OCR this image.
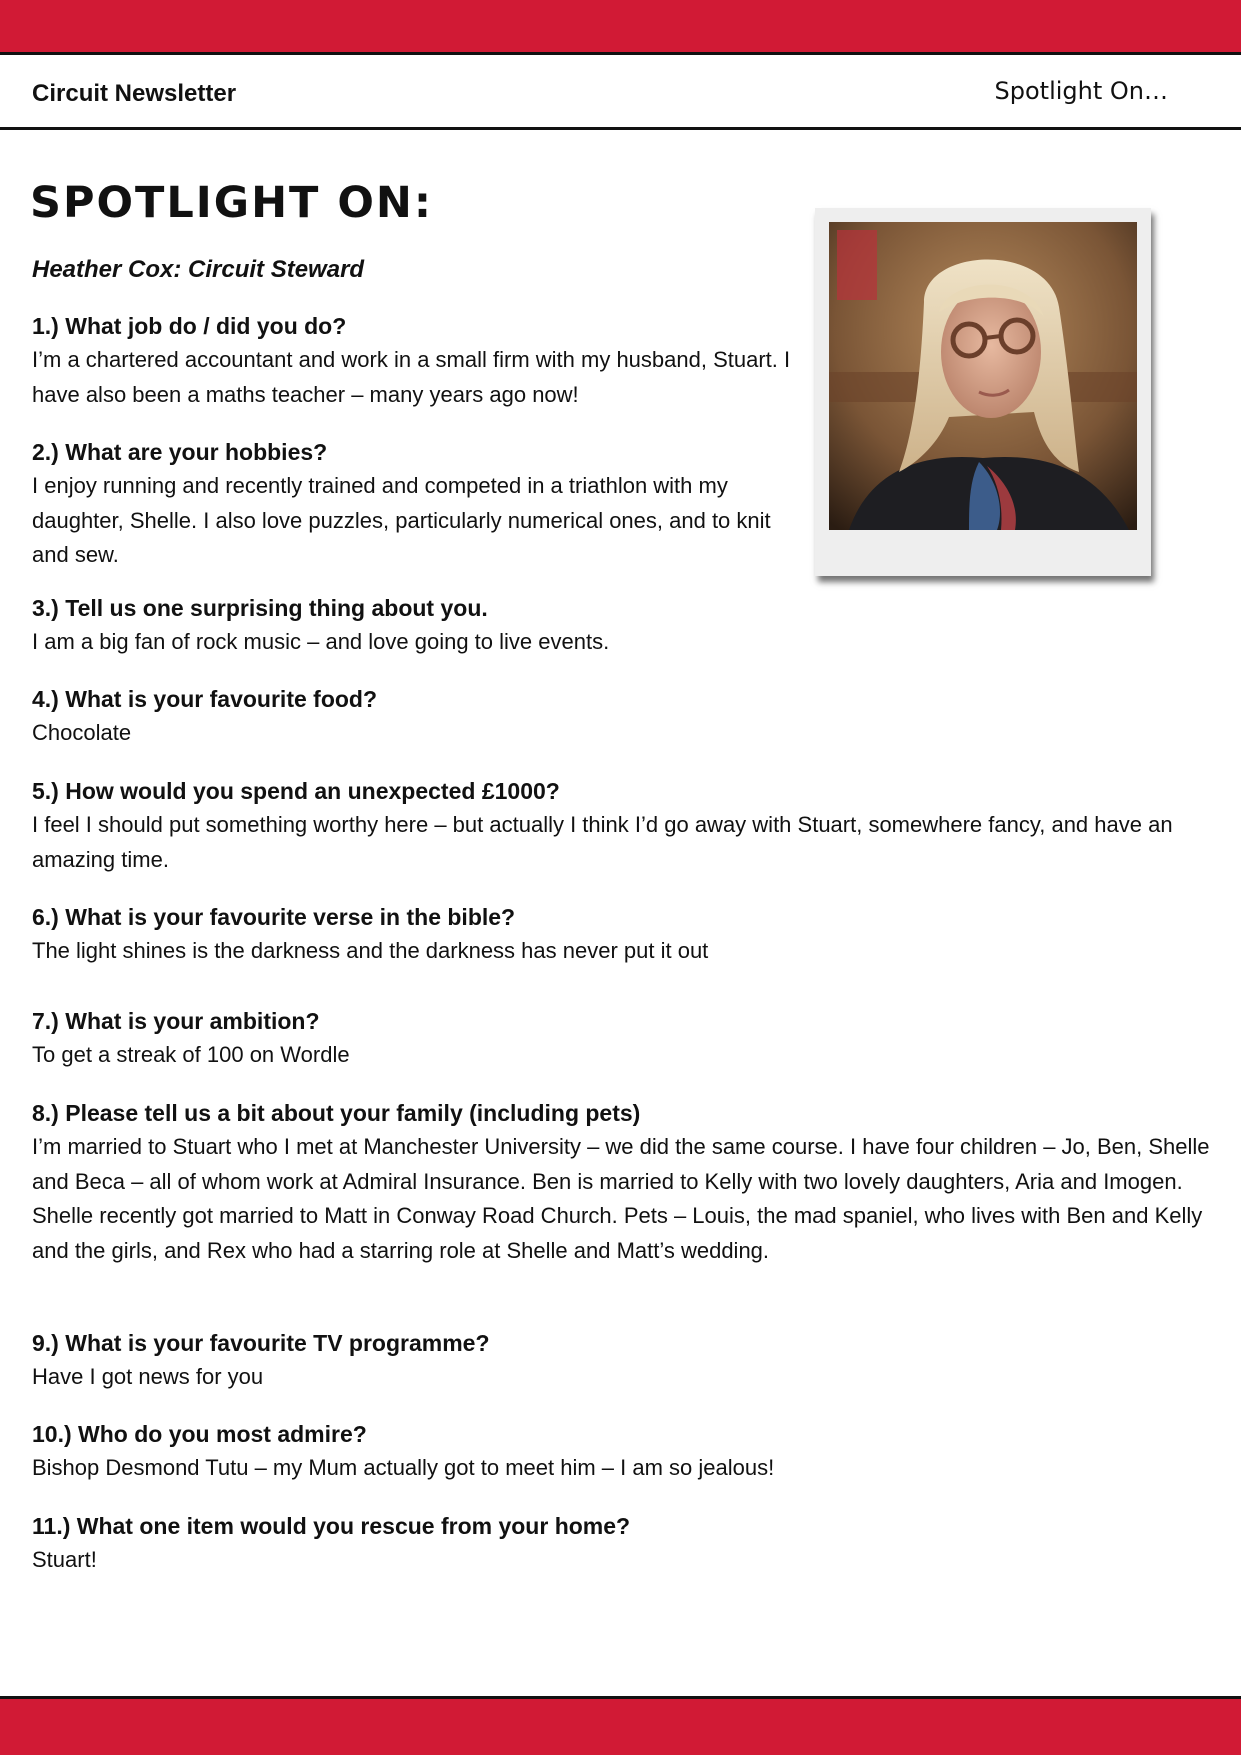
Circuit Newsletter	Spotlight On…
SPOTLIGHT ON:
Heather Cox: Circuit Steward

1.) What job do / did you do?

I’m a chartered accountant and work in a small firm with my husband, Stuart. I have also been a maths teacher – many years ago now!

2.) What are your hobbies?

I enjoy running and recently trained and competed in a triathlon with my daughter, Shelle. I also love puzzles, particularly numerical ones, and to knit and sew.

3.) Tell us one surprising thing about you.

I am a big fan of rock music – and love going to live events.

4.) What is your favourite food?

Chocolate

5.) How would you spend an unexpected £1000?

I feel I should put something worthy here – but actually I think I’d go away with Stuart, somewhere fancy, and have an amazing time.

6.) What is your favourite verse in the bible?

The light shines is the darkness and the darkness has never put it out

7.) What is your ambition?

To get a streak of 100 on Wordle

8.) Please tell us a bit about your family (including pets)

I’m married to Stuart who I met at Manchester University – we did the same course. I have four children – Jo, Ben, Shelle and Beca – all of whom work at Admiral Insurance. Ben is married to Kelly with two lovely daughters, Aria and Imogen. Shelle recently got married to Matt in Conway Road Church. Pets – Louis, the mad spaniel, who lives with Ben and Kelly and the girls, and Rex who had a starring role at Shelle and Matt’s wedding.

9.) What is your favourite TV programme?

Have I got news for you

10.) Who do you most admire?

Bishop Desmond Tutu – my Mum actually got to meet him – I am so jealous!

11.) What one item would you rescue from your home?

Stuart!
